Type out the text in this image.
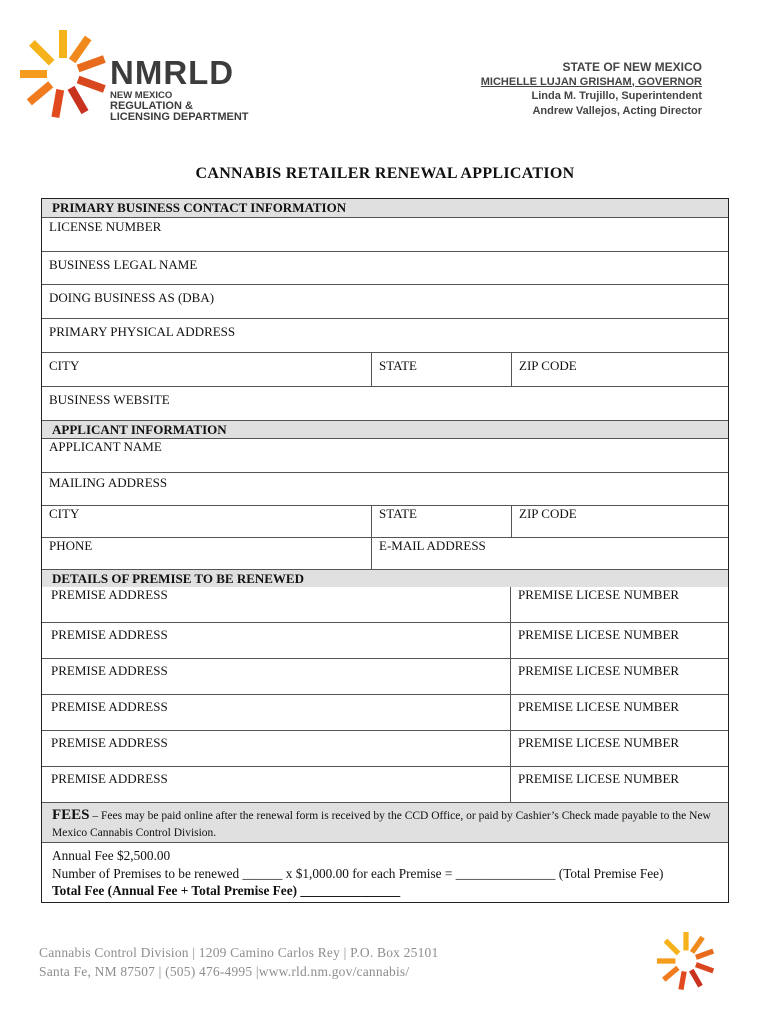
NMRLD
NEW MEXICO
REGULATION &
LICENSING DEPARTMENT
STATE OF NEW MEXICO
MICHELLE LUJAN GRISHAM, GOVERNOR
Linda M. Trujillo, Superintendent
Andrew Vallejos, Acting Director
CANNABIS RETAILER RENEWAL APPLICATION
PRIMARY BUSINESS CONTACT INFORMATION
LICENSE NUMBER
BUSINESS LEGAL NAME
DOING BUSINESS AS (DBA)
PRIMARY PHYSICAL ADDRESS
CITY	STATE	ZIP CODE
BUSINESS WEBSITE
APPLICANT INFORMATION
APPLICANT NAME
MAILING ADDRESS
CITY	STATE	ZIP CODE
PHONE	E-MAIL ADDRESS
DETAILS OF PREMISE TO BE RENEWED
PREMISE ADDRESS	PREMISE LICESE NUMBER
PREMISE ADDRESS	PREMISE LICESE NUMBER
PREMISE ADDRESS	PREMISE LICESE NUMBER
PREMISE ADDRESS	PREMISE LICESE NUMBER
PREMISE ADDRESS	PREMISE LICESE NUMBER
PREMISE ADDRESS	PREMISE LICESE NUMBER
FEES – Fees may be paid online after the renewal form is received by the CCD Office, or paid by Cashier’s Check made payable to the New Mexico Cannabis Control Division.
Annual Fee $2,500.00
Number of Premises to be renewed ______ x $1,000.00 for each Premise = _______________ (Total Premise Fee)
Total Fee (Annual Fee + Total Premise Fee) _______________
Cannabis Control Division | 1209 Camino Carlos Rey | P.O. Box 25101
Santa Fe, NM 87507 | (505) 476-4995 |www.rld.nm.gov/cannabis/
